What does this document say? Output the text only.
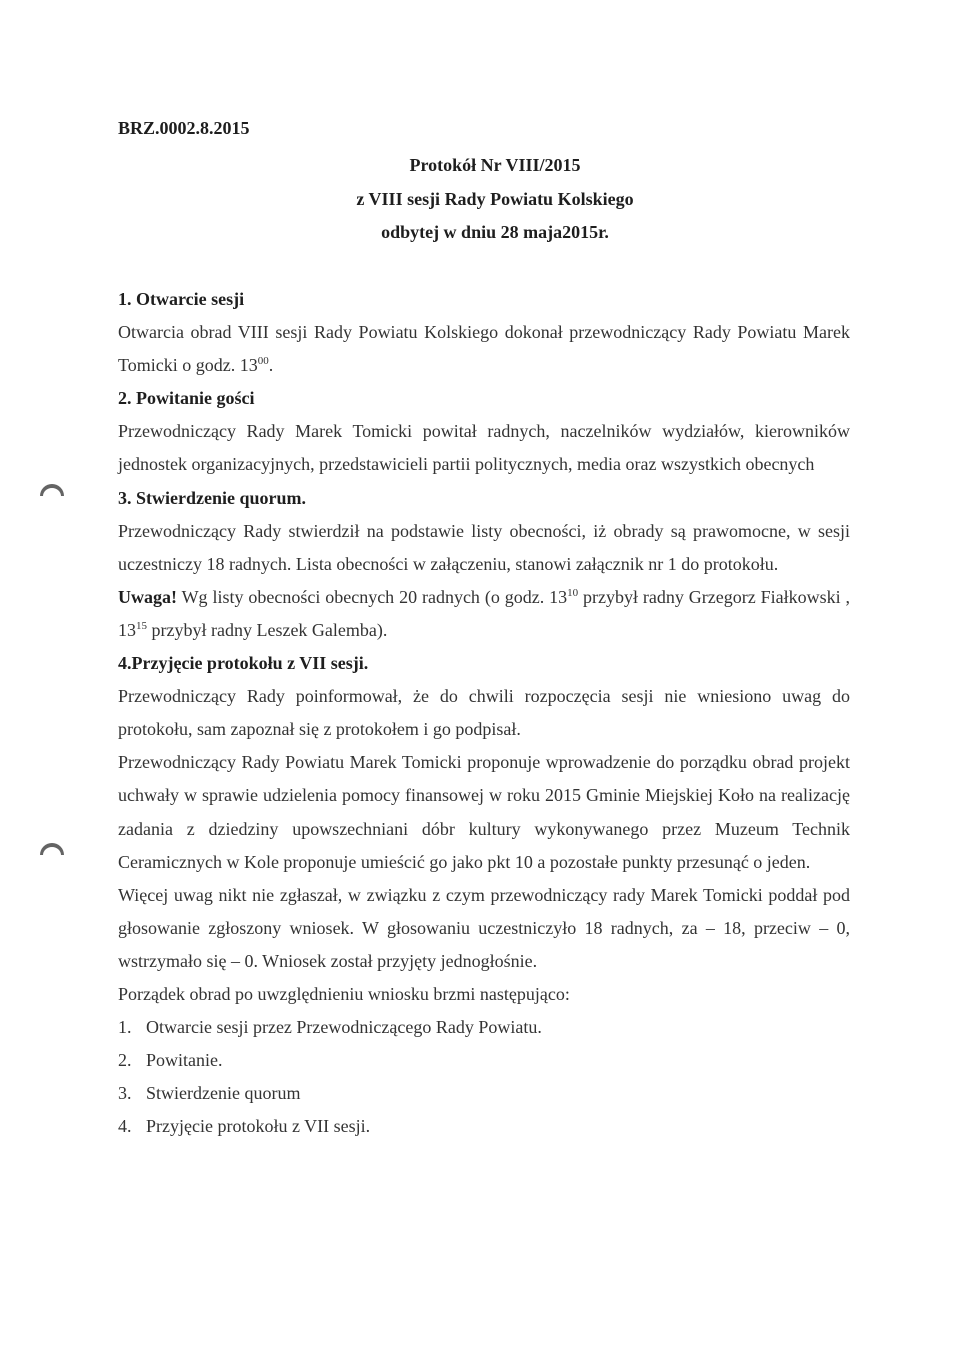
BRZ.0002.8.2015
Protokół Nr VIII/2015
z VIII sesji Rady Powiatu Kolskiego
odbytej w dniu 28 maja2015r.
1. Otwarcie sesji
Otwarcia obrad VIII sesji Rady Powiatu Kolskiego dokonał przewodniczący Rady Powiatu Marek Tomicki o godz. $13^{00}$.
2. Powitanie gości
Przewodniczący Rady Marek Tomicki powitał radnych, naczelników wydziałów, kierowników jednostek organizacyjnych, przedstawicieli partii politycznych, media oraz wszystkich obecnych
3. Stwierdzenie quorum.
Przewodniczący Rady stwierdził na podstawie listy obecności, iż obrady są prawomocne, w sesji uczestniczy 18 radnych. Lista obecności w załączeniu, stanowi załącznik nr 1 do protokołu.
Uwaga! Wg listy obecności obecnych 20 radnych (o godz. $13^{10}$ przybył radny Grzegorz Fiałkowski , $13^{15}$ przybył radny Leszek Galemba).
4.Przyjęcie protokołu z VII sesji.
Przewodniczący Rady poinformował, że do chwili rozpoczęcia sesji nie wniesiono uwag do protokołu, sam zapoznał się z protokołem i go podpisał.
Przewodniczący Rady Powiatu Marek Tomicki proponuje wprowadzenie do porządku obrad projekt uchwały w sprawie udzielenia pomocy finansowej w roku 2015 Gminie Miejskiej Koło na realizację zadania z dziedziny upowszechniani dóbr kultury wykonywanego przez Muzeum Technik Ceramicznych w Kole proponuje umieścić go jako pkt 10 a pozostałe punkty przesunąć o jeden.
Więcej uwag nikt nie zgłaszał, w związku z czym przewodniczący rady Marek Tomicki poddał pod głosowanie zgłoszony wniosek. W głosowaniu uczestniczyło 18 radnych, za – 18, przeciw – 0, wstrzymało się – 0. Wniosek został przyjęty jednogłośnie.
Porządek obrad po uwzględnieniu wniosku brzmi następująco:
1. Otwarcie sesji przez Przewodniczącego Rady Powiatu.
2. Powitanie.
3. Stwierdzenie quorum
4. Przyjęcie protokołu z VII sesji.
